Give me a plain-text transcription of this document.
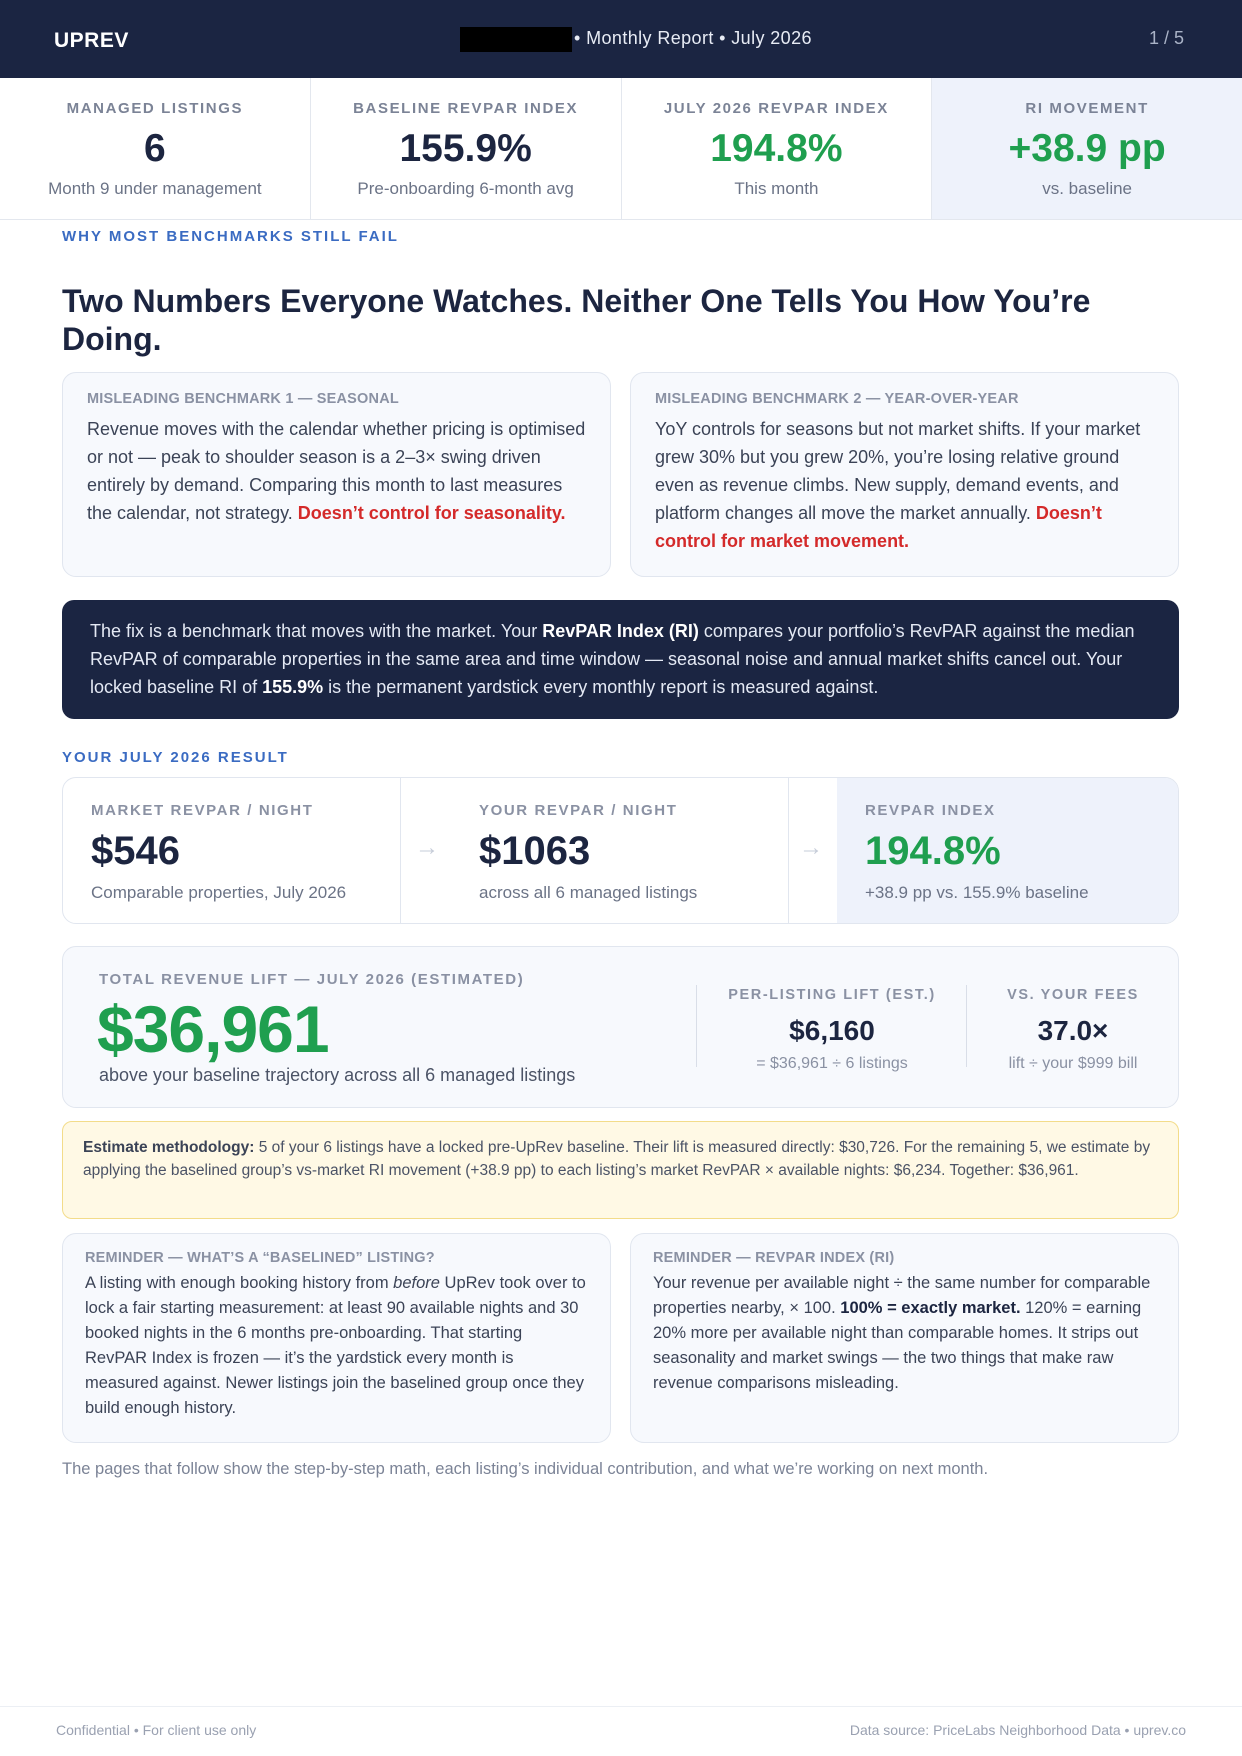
UPREV	• Monthly Report • July 2026	1 / 5
MANAGED LISTINGS
6
Month 9 under management
BASELINE REVPAR INDEX
155.9%
Pre-onboarding 6-month avg
JULY 2026 REVPAR INDEX
194.8%
This month
RI MOVEMENT
+38.9 pp
vs. baseline
WHY MOST BENCHMARKS STILL FAIL
Two Numbers Everyone Watches. Neither One Tells You How You’re Doing.
MISLEADING BENCHMARK 1 — SEASONAL
Revenue moves with the calendar whether pricing is optimised or not — peak to shoulder season is a 2–3× swing driven entirely by demand. Comparing this month to last measures the calendar, not strategy. Doesn’t control for seasonality.
MISLEADING BENCHMARK 2 — YEAR-OVER-YEAR
YoY controls for seasons but not market shifts. If your market grew 30% but you grew 20%, you’re losing relative ground even as revenue climbs. New supply, demand events, and platform changes all move the market annually. Doesn’t control for market movement.
The fix is a benchmark that moves with the market. Your RevPAR Index (RI) compares your portfolio’s RevPAR against the median RevPAR of comparable properties in the same area and time window — seasonal noise and annual market shifts cancel out. Your locked baseline RI of 155.9% is the permanent yardstick every monthly report is measured against.
YOUR JULY 2026 RESULT
MARKET REVPAR / NIGHT
$546
Comparable properties, July 2026
→
YOUR REVPAR / NIGHT
$1063
across all 6 managed listings
→
REVPAR INDEX
194.8%
+38.9 pp vs. 155.9% baseline
TOTAL REVENUE LIFT — JULY 2026 (ESTIMATED)
$36,961
above your baseline trajectory across all 6 managed listings
PER-LISTING LIFT (EST.)
$6,160
= $36,961 ÷ 6 listings
VS. YOUR FEES
37.0×
lift ÷ your $999 bill
Estimate methodology: 5 of your 6 listings have a locked pre-UpRev baseline. Their lift is measured directly: $30,726. For the remaining 5, we estimate by applying the baselined group’s vs-market RI movement (+38.9 pp) to each listing’s market RevPAR × available nights: $6,234. Together: $36,961.
REMINDER — WHAT’S A “BASELINED” LISTING?
A listing with enough booking history from before UpRev took over to lock a fair starting measurement: at least 90 available nights and 30 booked nights in the 6 months pre-onboarding. That starting RevPAR Index is frozen — it’s the yardstick every month is measured against. Newer listings join the baselined group once they build enough history.
REMINDER — REVPAR INDEX (RI)
Your revenue per available night ÷ the same number for comparable properties nearby, × 100. 100% = exactly market. 120% = earning 20% more per available night than comparable homes. It strips out seasonality and market swings — the two things that make raw revenue comparisons misleading.
The pages that follow show the step-by-step math, each listing’s individual contribution, and what we’re working on next month.
Confidential • For client use only	Data source: PriceLabs Neighborhood Data • uprev.co
